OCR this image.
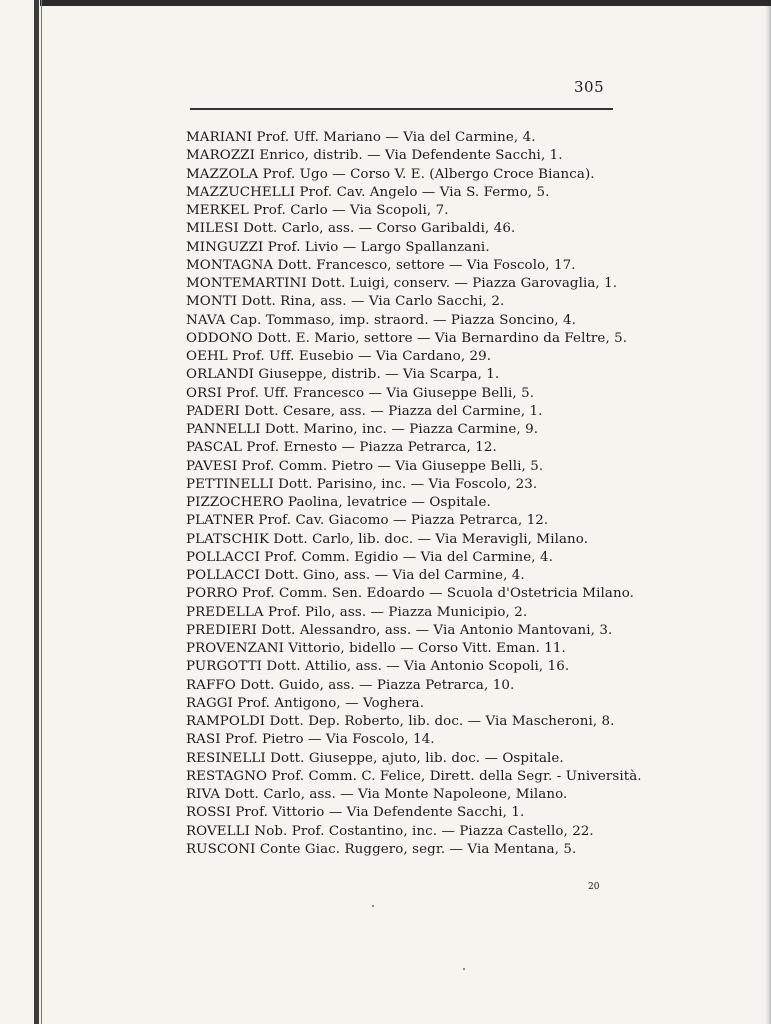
305
MARIANI Prof. Uff. Mariano — Via del Carmine, 4.
MAROZZI Enrico, distrib. — Via Defendente Sacchi, 1.
MAZZOLA Prof. Ugo — Corso V. E. (Albergo Croce Bianca).
MAZZUCHELLI Prof. Cav. Angelo — Via S. Fermo, 5.
MERKEL Prof. Carlo — Via Scopoli, 7.
MILESI Dott. Carlo, ass. — Corso Garibaldi, 46.
MINGUZZI Prof. Livio — Largo Spallanzani.
MONTAGNA Dott. Francesco, settore — Via Foscolo, 17.
MONTEMARTINI Dott. Luigi, conserv. — Piazza Garovaglia, 1.
MONTI Dott. Rina, ass. — Via Carlo Sacchi, 2.
NAVA Cap. Tommaso, imp. straord. — Piazza Soncino, 4.
ODDONO Dott. E. Mario, settore — Via Bernardino da Feltre, 5.
OEHL Prof. Uff. Eusebio — Via Cardano, 29.
ORLANDI Giuseppe, distrib. — Via Scarpa, 1.
ORSI Prof. Uff. Francesco — Via Giuseppe Belli, 5.
PADERI Dott. Cesare, ass. — Piazza del Carmine, 1.
PANNELLI Dott. Marino, inc. — Piazza Carmine, 9.
PASCAL Prof. Ernesto — Piazza Petrarca, 12.
PAVESI Prof. Comm. Pietro — Via Giuseppe Belli, 5.
PETTINELLI Dott. Parisino, inc. — Via Foscolo, 23.
PIZZOCHERO Paolina, levatrice — Ospitale.
PLATNER Prof. Cav. Giacomo — Piazza Petrarca, 12.
PLATSCHIK Dott. Carlo, lib. doc. — Via Meravigli, Milano.
POLLACCI Prof. Comm. Egidio — Via del Carmine, 4.
POLLACCI Dott. Gino, ass. — Via del Carmine, 4.
PORRO Prof. Comm. Sen. Edoardo — Scuola d'Ostetricia Milano.
PREDELLA Prof. Pilo, ass. — Piazza Municipio, 2.
PREDIERI Dott. Alessandro, ass. — Via Antonio Mantovani, 3.
PROVENZANI Vittorio, bidello — Corso Vitt. Eman. 11.
PURGOTTI Dott. Attilio, ass. — Via Antonio Scopoli, 16.
RAFFO Dott. Guido, ass. — Piazza Petrarca, 10.
RAGGI Prof. Antigono, — Voghera.
RAMPOLDI Dott. Dep. Roberto, lib. doc. — Via Mascheroni, 8.
RASI Prof. Pietro — Via Foscolo, 14.
RESINELLI Dott. Giuseppe, ajuto, lib. doc. — Ospitale.
RESTAGNO Prof. Comm. C. Felice, Dirett. della Segr. - Università.
RIVA Dott. Carlo, ass. — Via Monte Napoleone, Milano.
ROSSI Prof. Vittorio — Via Defendente Sacchi, 1.
ROVELLI Nob. Prof. Costantino, inc. — Piazza Castello, 22.
RUSCONI Conte Giac. Ruggero, segr. — Via Mentana, 5.
20
